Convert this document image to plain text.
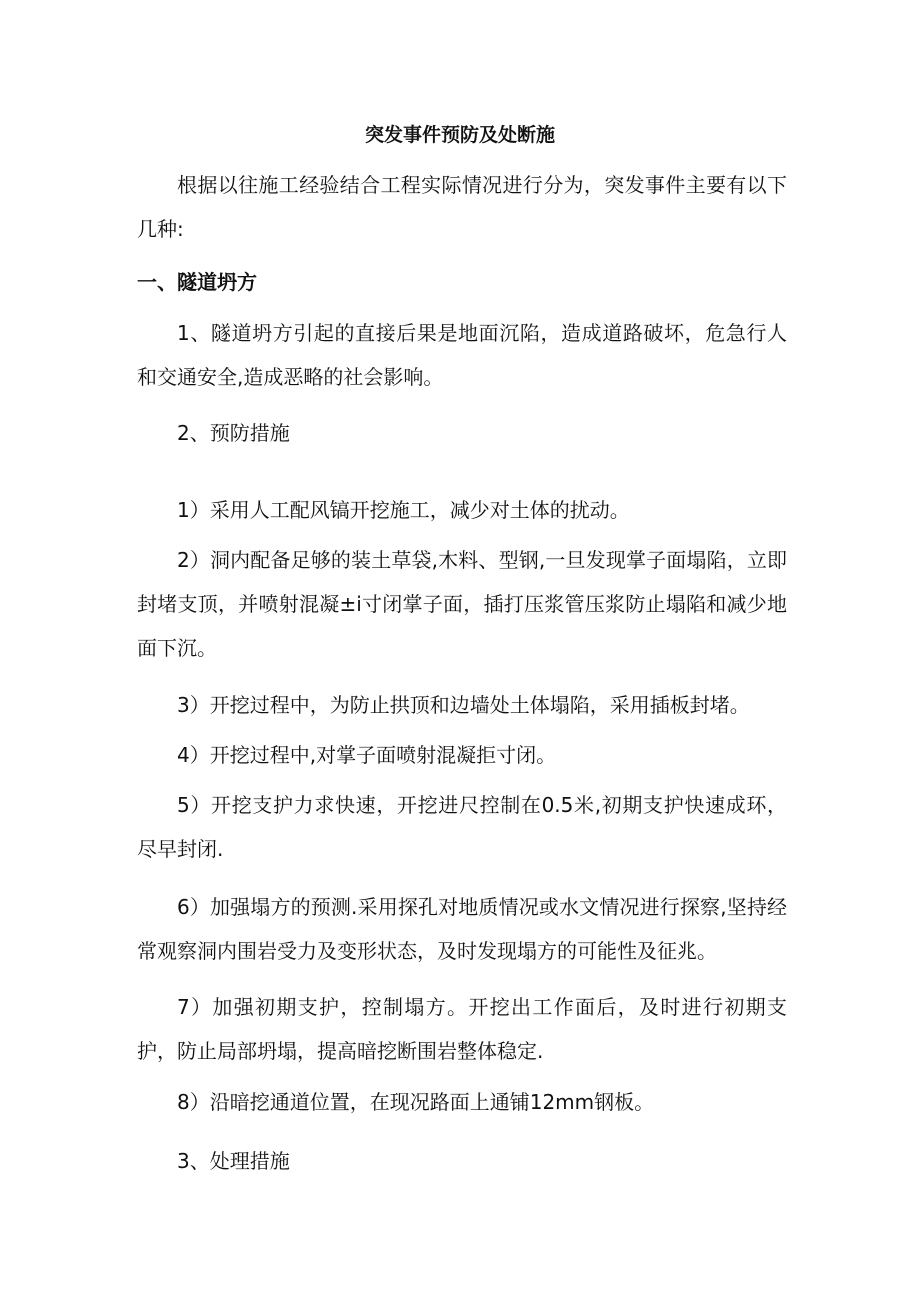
突发事件预防及处断施
根据以往施工经验结合工程实际情况进行分为，突发事件主要有以下几种:
一、隧道坍方
1、隧道坍方引起的直接后果是地面沉陷，造成道路破坏，危急行人和交通安全,造成恶略的社会影响。
2、预防措施
1）采用人工配风镐开挖施工，减少对土体的扰动。
2）洞内配备足够的装土草袋,木料、型钢,一旦发现掌子面塌陷，立即封堵支顶，并喷射混凝±i寸闭掌子面，插打压浆管压浆防止塌陷和减少地面下沉。
3）开挖过程中，为防止拱顶和边墙处土体塌陷，采用插板封堵。
4）开挖过程中,对掌子面喷射混凝拒寸闭。
5）开挖支护力求快速，开挖进尺控制在0.5米,初期支护快速成环，尽早封闭.
6）加强塌方的预测.采用探孔对地质情况或水文情况进行探察,坚持经常观察洞内围岩受力及变形状态，及时发现塌方的可能性及征兆。
7）加强初期支护，控制塌方。开挖出工作面后，及时进行初期支护，防止局部坍塌，提高暗挖断围岩整体稳定.
8）沿暗挖通道位置，在现况路面上通铺12mm钢板。
3、处理措施
